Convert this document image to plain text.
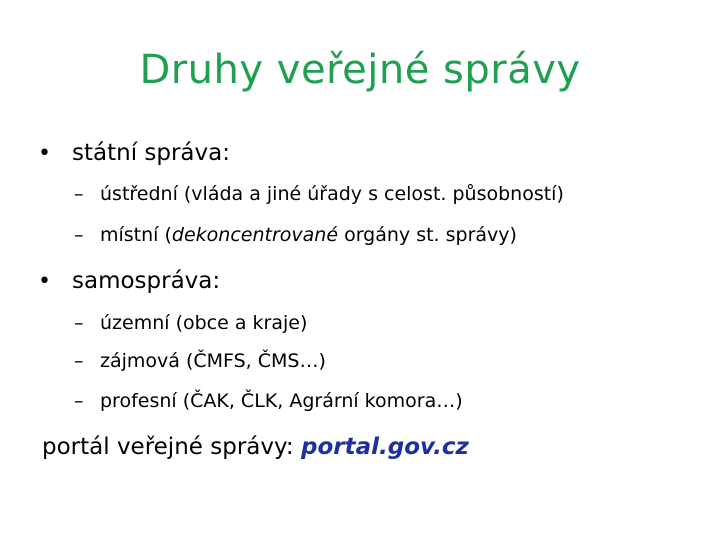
Druhy veřejné správy
• státní správa:
– ústřední (vláda a jiné úřady s celost. působností)
– místní (dekoncentrované orgány st. správy)
• samospráva:
– územní (obce a kraje)
– zájmová (ČMFS, ČMS…)
– profesní (ČAK, ČLK, Agrární komora…)
portál veřejné správy: portal.gov.cz
